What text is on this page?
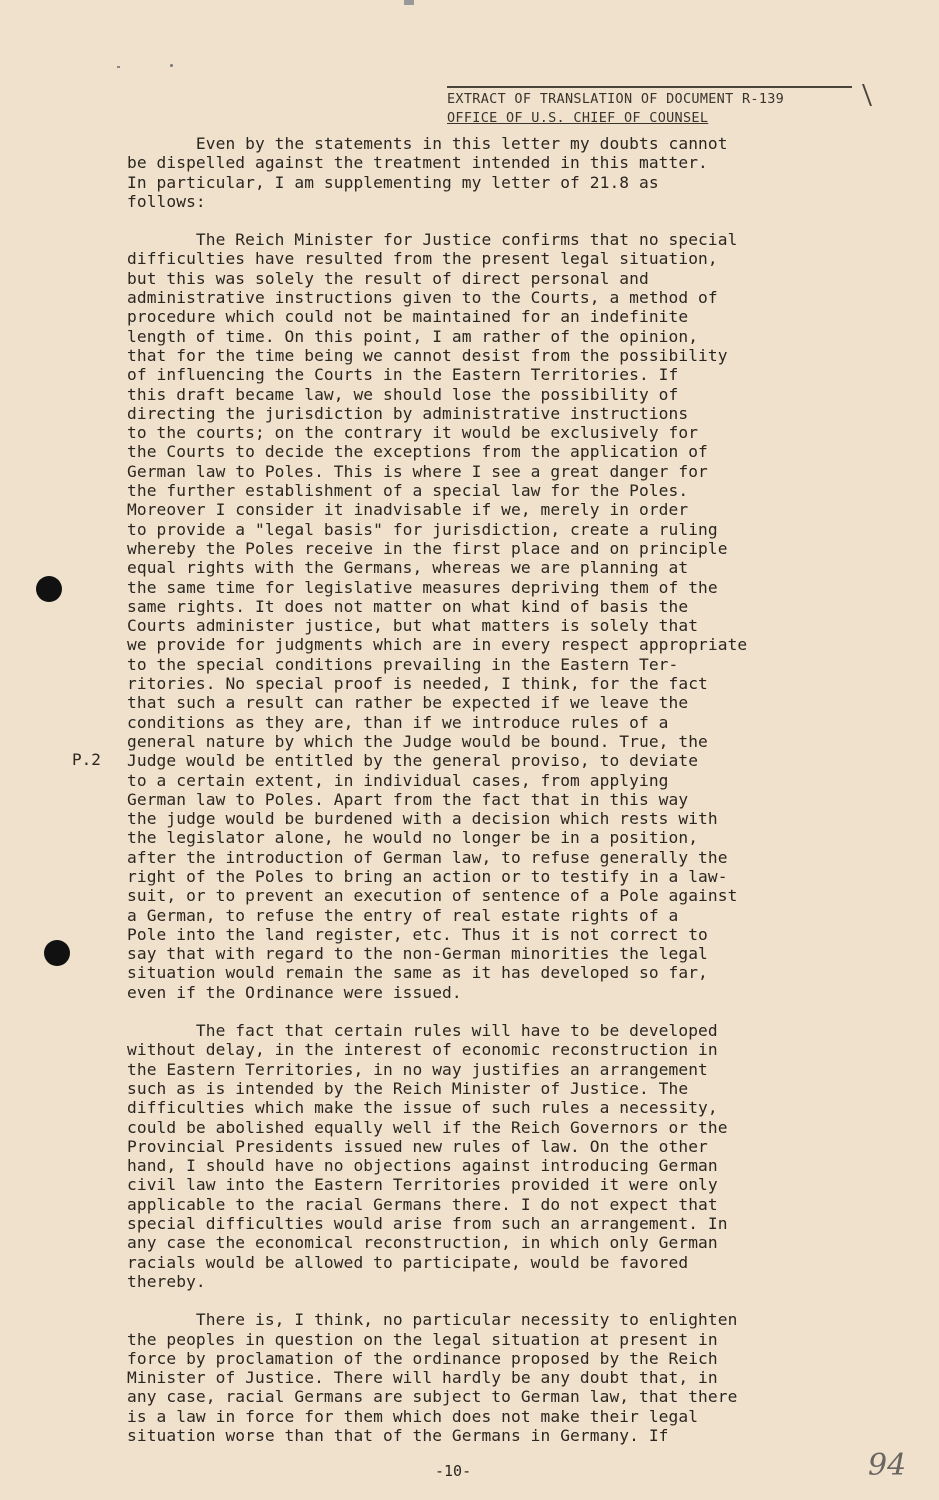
EXTRACT OF TRANSLATION OF DOCUMENT R-139
OFFICE OF U.S. CHIEF OF COUNSEL
P.2

Even by the statements in this letter my doubts cannot
be dispelled against the treatment intended in this matter.
In particular, I am supplementing my letter of 21.8 as
follows:

The Reich Minister for Justice confirms that no special
difficulties have resulted from the present legal situation,
but this was solely the result of direct personal and
administrative instructions given to the Courts, a method of
procedure which could not be maintained for an indefinite
length of time. On this point, I am rather of the opinion,
that for the time being we cannot desist from the possibility
of influencing the Courts in the Eastern Territories. If
this draft became law, we should lose the possibility of
directing the jurisdiction by administrative instructions
to the courts; on the contrary it would be exclusively for
the Courts to decide the exceptions from the application of
German law to Poles. This is where I see a great danger for
the further establishment of a special law for the Poles.
Moreover I consider it inadvisable if we, merely in order
to provide a "legal basis" for jurisdiction, create a ruling
whereby the Poles receive in the first place and on principle
equal rights with the Germans, whereas we are planning at
the same time for legislative measures depriving them of the
same rights. It does not matter on what kind of basis the
Courts administer justice, but what matters is solely that
we provide for judgments which are in every respect appropriate
to the special conditions prevailing in the Eastern Ter-
ritories. No special proof is needed, I think, for the fact
that such a result can rather be expected if we leave the
conditions as they are, than if we introduce rules of a
general nature by which the Judge would be bound. True, the
Judge would be entitled by the general proviso, to deviate
to a certain extent, in individual cases, from applying
German law to Poles. Apart from the fact that in this way
the judge would be burdened with a decision which rests with
the legislator alone, he would no longer be in a position,
after the introduction of German law, to refuse generally the
right of the Poles to bring an action or to testify in a law-
suit, or to prevent an execution of sentence of a Pole against
a German, to refuse the entry of real estate rights of a
Pole into the land register, etc. Thus it is not correct to
say that with regard to the non-German minorities the legal
situation would remain the same as it has developed so far,
even if the Ordinance were issued.

The fact that certain rules will have to be developed
without delay, in the interest of economic reconstruction in
the Eastern Territories, in no way justifies an arrangement
such as is intended by the Reich Minister of Justice. The
difficulties which make the issue of such rules a necessity,
could be abolished equally well if the Reich Governors or the
Provincial Presidents issued new rules of law. On the other
hand, I should have no objections against introducing German
civil law into the Eastern Territories provided it were only
applicable to the racial Germans there. I do not expect that
special difficulties would arise from such an arrangement. In
any case the economical reconstruction, in which only German
racials would be allowed to participate, would be favored
thereby.

There is, I think, no particular necessity to enlighten
the peoples in question on the legal situation at present in
force by proclamation of the ordinance proposed by the Reich
Minister of Justice. There will hardly be any doubt that, in
any case, racial Germans are subject to German law, that there
is a law in force for them which does not make their legal
situation worse than that of the Germans in Germany. If

-10-	94
